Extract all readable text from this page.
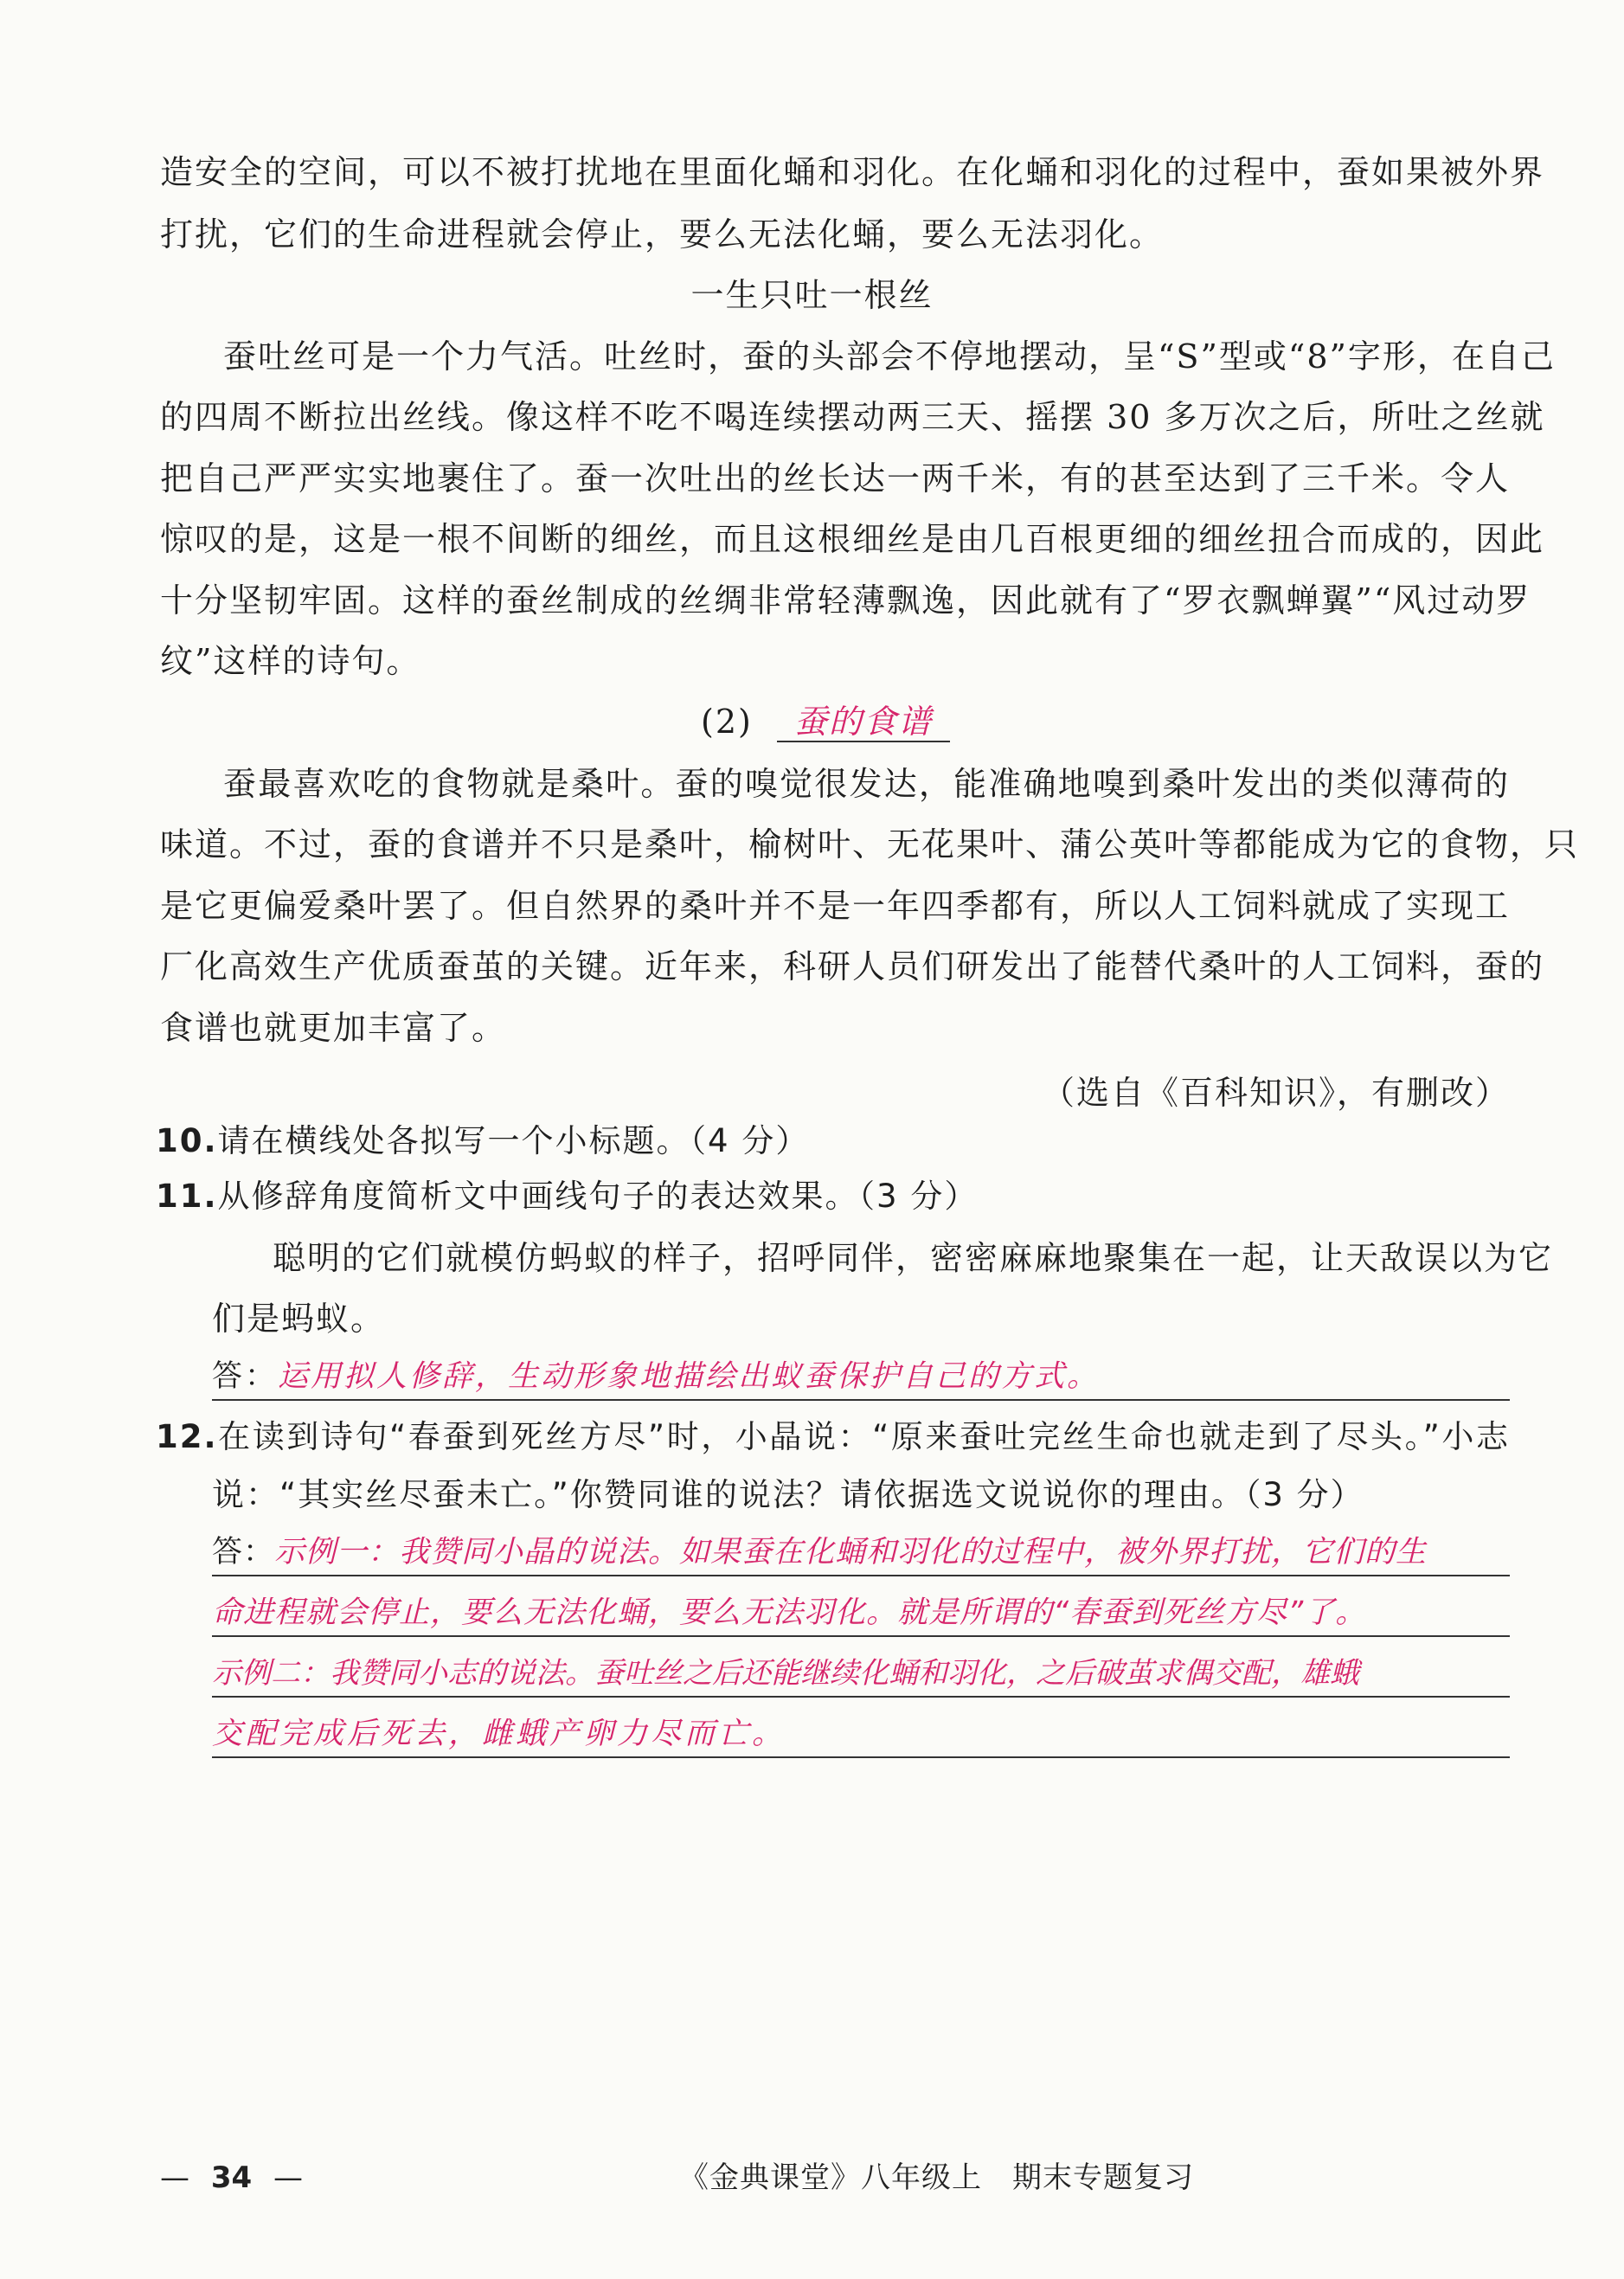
造安全的空间，可以不被打扰地在里面化蛹和羽化。在化蛹和羽化的过程中，蚕如果被外界
打扰，它们的生命进程就会停止，要么无法化蛹，要么无法羽化。
一生只吐一根丝
蚕吐丝可是一个力气活。吐丝时，蚕的头部会不停地摆动，呈“S”型或“8”字形，在自己
的四周不断拉出丝线。像这样不吃不喝连续摆动两三天、摇摆 30 多万次之后，所吐之丝就
把自己严严实实地裹住了。蚕一次吐出的丝长达一两千米，有的甚至达到了三千米。令人
惊叹的是，这是一根不间断的细丝，而且这根细丝是由几百根更细的细丝扭合而成的，因此
十分坚韧牢固。这样的蚕丝制成的丝绸非常轻薄飘逸，因此就有了“罗衣飘蝉翼”“风过动罗
纹”这样的诗句。
(2) 蚕的食谱
蚕最喜欢吃的食物就是桑叶。蚕的嗅觉很发达，能准确地嗅到桑叶发出的类似薄荷的
味道。不过，蚕的食谱并不只是桑叶，榆树叶、无花果叶、蒲公英叶等都能成为它的食物，只
是它更偏爱桑叶罢了。但自然界的桑叶并不是一年四季都有，所以人工饲料就成了实现工
厂化高效生产优质蚕茧的关键。近年来，科研人员们研发出了能替代桑叶的人工饲料，蚕的
食谱也就更加丰富了。
（选自《百科知识》，有删改）
10.请在横线处各拟写一个小标题。（4 分）
11.从修辞角度简析文中画线句子的表达效果。（3 分）
聪明的它们就模仿蚂蚁的样子，招呼同伴，密密麻麻地聚集在一起，让天敌误以为它
们是蚂蚁。
答：运用拟人修辞，生动形象地描绘出蚁蚕保护自己的方式。
12.在读到诗句“春蚕到死丝方尽”时，小晶说：“原来蚕吐完丝生命也就走到了尽头。”小志
说：“其实丝尽蚕未亡。”你赞同谁的说法？请依据选文说说你的理由。（3 分）
答：示例一：我赞同小晶的说法。如果蚕在化蛹和羽化的过程中，被外界打扰，它们的生
命进程就会停止，要么无法化蛹，要么无法羽化。就是所谓的“春蚕到死丝方尽”了。
示例二：我赞同小志的说法。蚕吐丝之后还能继续化蛹和羽化，之后破茧求偶交配，雄蛾
交配完成后死去，雌蛾产卵力尽而亡。
— 34 —	《金典课堂》八年级上　期末专题复习
